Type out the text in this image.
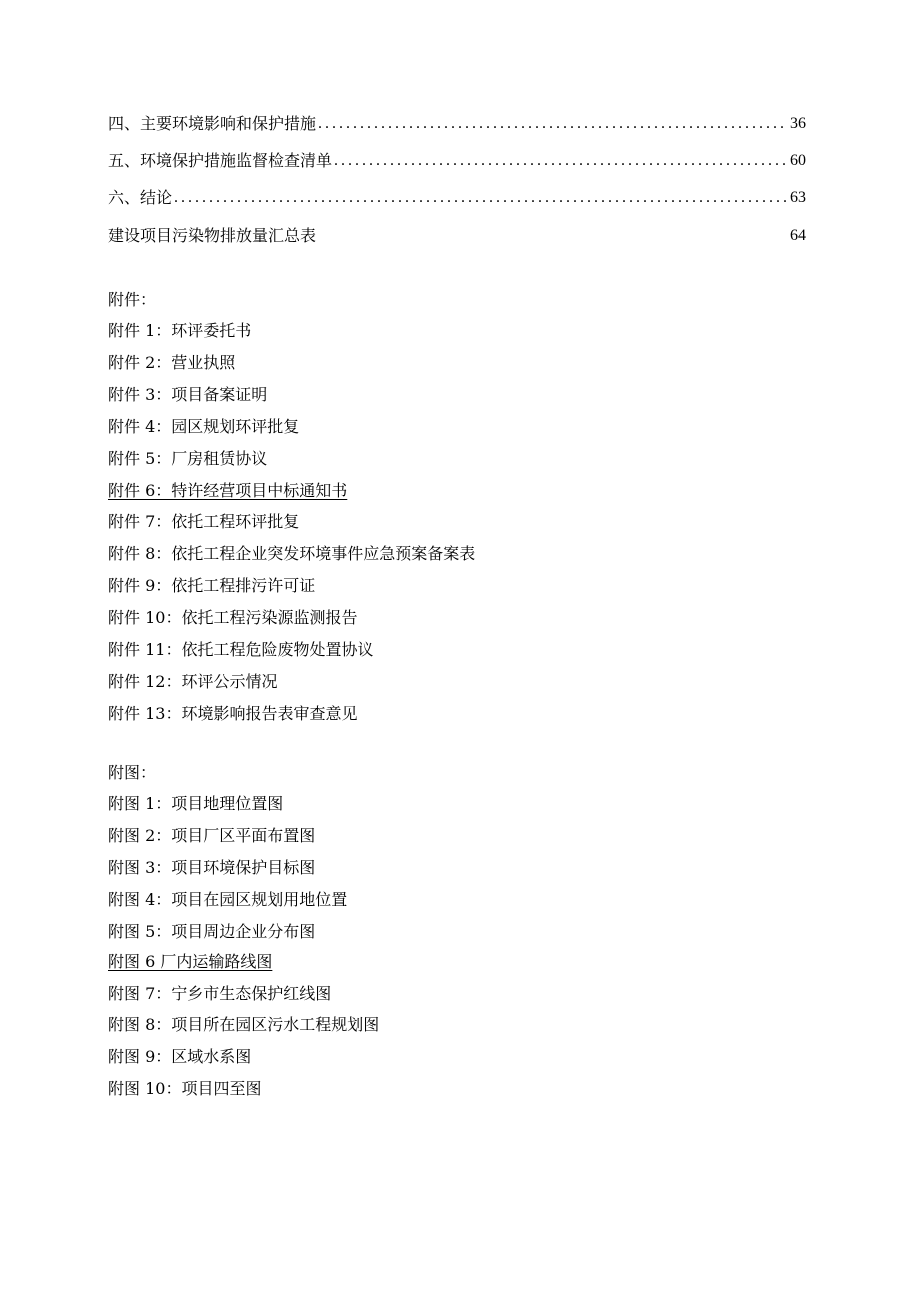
四、主要环境影响和保护措施 .....	36
五、环境保护措施监督检查清单 .....	60
六、结论 .....	63
建设项目污染物排放量汇总表	64
附件：
附件 1：环评委托书
附件 2：营业执照
附件 3：项目备案证明
附件 4：园区规划环评批复
附件 5：厂房租赁协议
附件 6：特许经营项目中标通知书
附件 7：依托工程环评批复
附件 8：依托工程企业突发环境事件应急预案备案表
附件 9：依托工程排污许可证
附件 10：依托工程污染源监测报告
附件 11：依托工程危险废物处置协议
附件 12：环评公示情况
附件 13：环境影响报告表审查意见
附图：
附图 1：项目地理位置图
附图 2：项目厂区平面布置图
附图 3：项目环境保护目标图
附图 4：项目在园区规划用地位置
附图 5：项目周边企业分布图
附图 6 厂内运输路线图
附图 7：宁乡市生态保护红线图
附图 8：项目所在园区污水工程规划图
附图 9：区域水系图
附图 10：项目四至图
